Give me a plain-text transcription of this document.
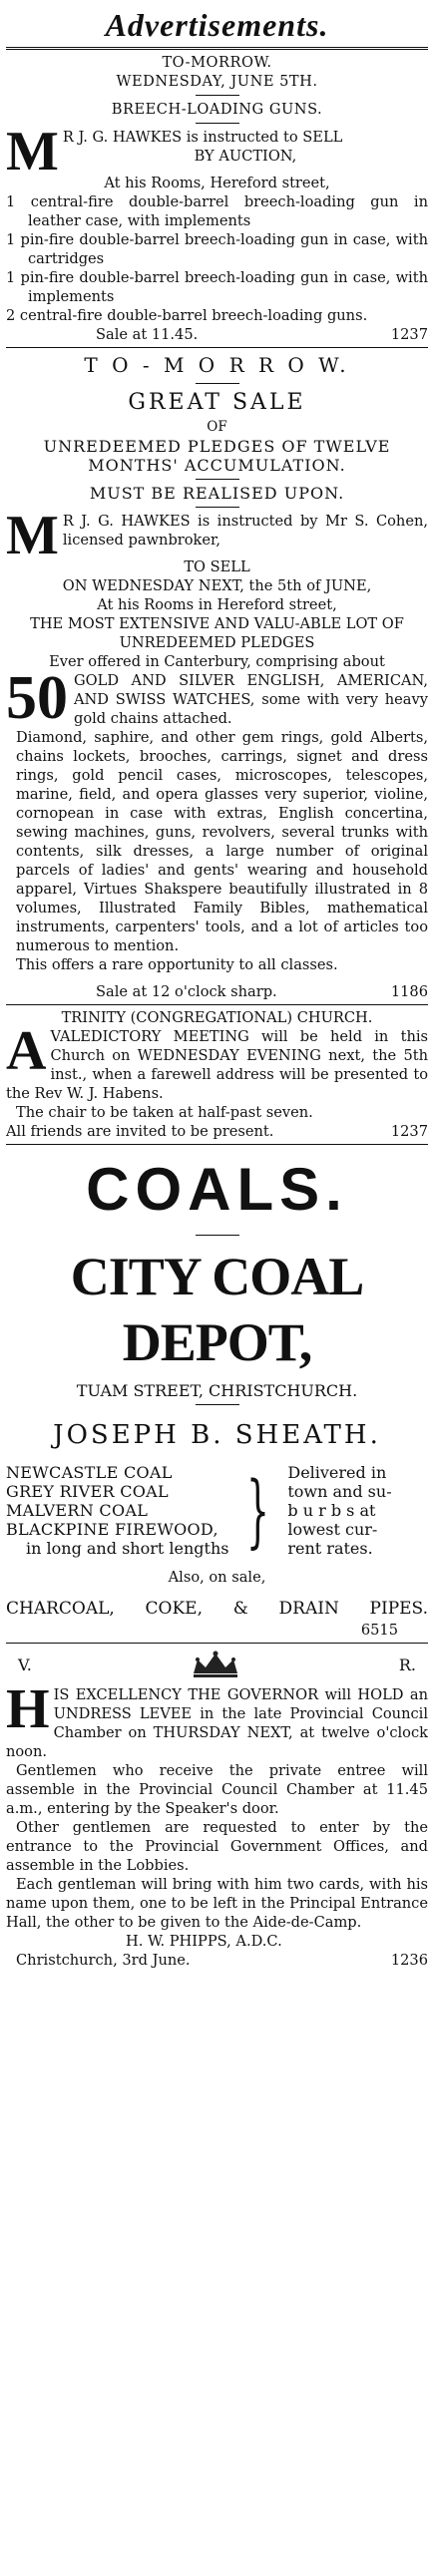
Advertisements.
TO-MORROW.
WEDNESDAY, JUNE 5TH.
BREECH-LOADING GUNS.
M R J. G. HAWKES is instructed to SELL
BY AUCTION,
At his Rooms, Hereford street,
1 central-fire double-barrel breech-loading gun in leather case, with implements
1 pin-fire double-barrel breech-loading gun in case, with cartridges
1 pin-fire double-barrel breech-loading gun in case, with implements
2 central-fire double-barrel breech-loading guns.
Sale at 11.45.	1237
T O - M O R R O W.
GREAT SALE
OF
UNREDEEMED PLEDGES OF TWELVE
MONTHS' ACCUMULATION.
MUST BE REALISED UPON.
M R J. G. HAWKES is instructed by Mr S. Cohen, licensed pawnbroker,
TO SELL
ON WEDNESDAY NEXT, the 5th of JUNE,
At his Rooms in Hereford street,
THE MOST EXTENSIVE AND VALU-ABLE LOT OF
UNREDEEMED PLEDGES
Ever offered in Canterbury, comprising about
50 GOLD AND SILVER ENGLISH, AMERICAN, AND SWISS WATCHES, some with very heavy gold chains attached.
Diamond, saphire, and other gem rings, gold Alberts, chains lockets, brooches, carrings, signet and dress rings, gold pencil cases, microscopes, telescopes, marine, field, and opera glasses very superior, violine, cornopean in case with extras, English concertina, sewing machines, guns, revolvers, several trunks with contents, silk dresses, a large number of original parcels of ladies' and gents' wearing and household apparel, Virtues Shakspere beautifully illustrated in 8 volumes, Illustrated Family Bibles, mathematical instruments, carpenters' tools, and a lot of articles too numerous to mention.
This offers a rare opportunity to all classes.
Sale at 12 o'clock sharp.	1186
TRINITY (CONGREGATIONAL) CHURCH.
A VALEDICTORY MEETING will be held in this Church on WEDNESDAY EVENING next, the 5th inst., when a farewell address will be presented to the Rev W. J. Habens.
The chair to be taken at half-past seven.
All friends are invited to be present.	1237
COALS.
CITY COAL DEPOT,
TUAM STREET, CHRISTCHURCH.
JOSEPH B. SHEATH.
NEWCASTLE COAL
GREY RIVER COAL
MALVERN COAL
BLACKPINE FIREWOOD,
in long and short lengths } Delivered in
town and su-
b u r b s at
lowest cur-
rent rates.
Also, on sale,
CHARCOAL, COKE, & DRAIN PIPES.
6515
V.	R.
H IS EXCELLENCY THE GOVERNOR will HOLD an UNDRESS LEVEE in the late Provincial Council Chamber on THURSDAY NEXT, at twelve o'clock noon.
Gentlemen who receive the private entree will assemble in the Provincial Council Chamber at 11.45 a.m., entering by the Speaker's door.
Other gentlemen are requested to enter by the entrance to the Provincial Government Offices, and assemble in the Lobbies.
Each gentleman will bring with him two cards, with his name upon them, one to be left in the Principal Entrance Hall, the other to be given to the Aide-de-Camp.
H. W. PHIPPS, A.D.C.
Christchurch, 3rd June.	1236
